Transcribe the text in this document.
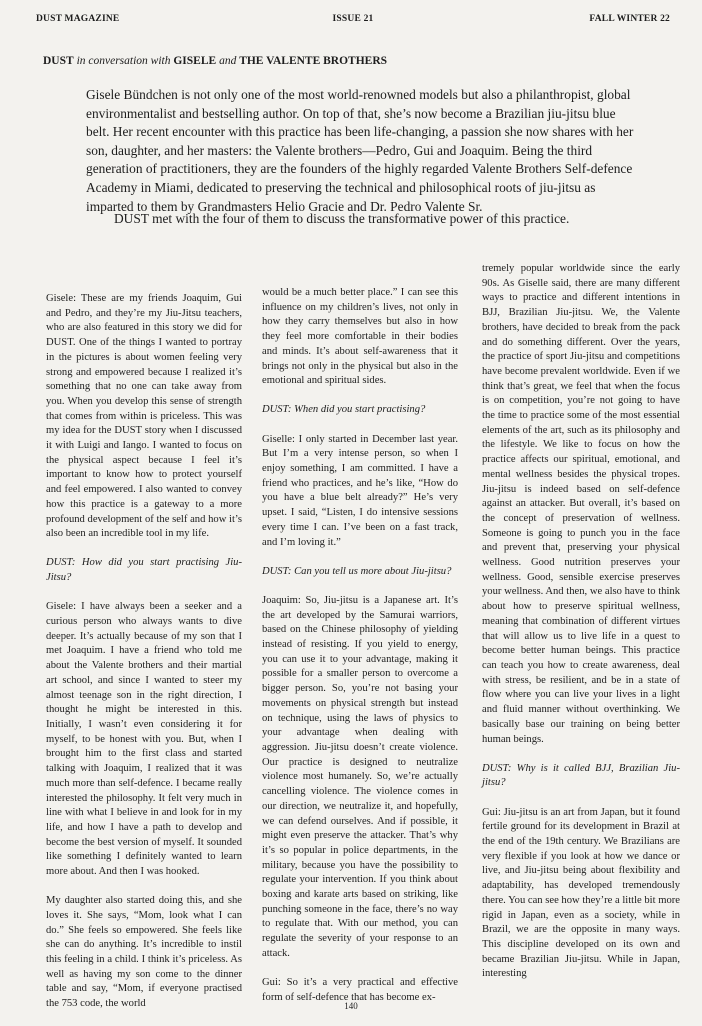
DUST MAGAZINE	ISSUE 21	FALL WINTER 22
DUST in conversation with GISELE and THE VALENTE BROTHERS

Gisele Bündchen is not only one of the most world-renowned models but also a philanthropist, global environmentalist and bestselling author. On top of that, she’s now become a Brazilian jiu-jitsu blue belt. Her recent encounter with this practice has been life-changing, a passion she now shares with her son, daughter, and her masters: the Valente brothers—Pedro, Gui and Joaquim. Being the third generation of practitioners, they are the founders of the highly regarded Valente Brothers Self-defence Academy in Miami, dedicated to preserving the technical and philosophical roots of jiu-jitsu as imparted to them by Grandmasters Helio Gracie and Dr. Pedro Valente Sr.

DUST met with the four of them to discuss the transformative power of this practice.

Gisele: These are my friends Joaquim, Gui and Pedro, and they’re my Jiu-Jitsu teachers, who are also featured in this story we did for DUST. One of the things I wanted to portray in the pictures is about women feeling very strong and empowered because I realized it’s something that no one can take away from you. When you develop this sense of strength that comes from within is priceless. This was my idea for the DUST story when I discussed it with Luigi and Iango. I wanted to focus on the physical aspect because I feel it’s important to know how to protect yourself and feel empowered. I also wanted to convey how this practice is a gateway to a more profound development of the self and how it’s also been an incredible tool in my life.

DUST: How did you start practising Jiu-Jitsu?

Gisele: I have always been a seeker and a curious person who always wants to dive deeper. It’s actually because of my son that I met Joaquim. I have a friend who told me about the Valente brothers and their martial art school, and since I wanted to steer my almost teenage son in the right direction, I thought he might be interested in this. Initially, I wasn’t even considering it for myself, to be honest with you. But, when I brought him to the first class and started talking with Joaquim, I realized that it was much more than self-defence. I became really interested the philosophy. It felt very much in line with what I believe in and look for in my life, and how I have a path to develop and become the best version of myself. It sounded like something I definitely wanted to learn more about. And then I was hooked.

My daughter also started doing this, and she loves it. She says, “Mom, look what I can do.” She feels so empowered. She feels like she can do anything. It’s incredible to instil this feeling in a child. I think it’s priceless. As well as having my son come to the dinner table and say, “Mom, if everyone practised the 753 code, the world

would be a much better place.” I can see this influence on my children’s lives, not only in how they carry themselves but also in how they feel more comfortable in their bodies and minds. It’s about self-awareness that it brings not only in the physical but also in the emotional and spiritual sides.

DUST: When did you start practising?

Giselle: I only started in December last year. But I’m a very intense person, so when I enjoy something, I am committed. I have a friend who practices, and he’s like, “How do you have a blue belt already?” He’s very upset. I said, “Listen, I do intensive sessions every time I can. I’ve been on a fast track, and I’m loving it.”

DUST: Can you tell us more about Jiu-jitsu?

Joaquim: So, Jiu-jitsu is a Japanese art. It’s the art developed by the Samurai warriors, based on the Chinese philosophy of yielding instead of resisting. If you yield to energy, you can use it to your advantage, making it possible for a smaller person to overcome a bigger person. So, you’re not basing your movements on physical strength but instead on technique, using the laws of physics to your advantage when dealing with aggression. Jiu-jitsu doesn’t create violence. Our practice is designed to neutralize violence most humanely. So, we’re actually cancelling violence. The violence comes in our direction, we neutralize it, and hopefully, we can defend ourselves. And if possible, it might even preserve the attacker. That’s why it’s so popular in police departments, in the military, because you have the possibility to regulate your intervention. If you think about boxing and karate arts based on striking, like punching someone in the face, there’s no way to regulate that. With our method, you can regulate the severity of your response to an attack.

Gui: So it’s a very practical and effective form of self-defence that has become ex-

tremely popular worldwide since the early 90s. As Giselle said, there are many different ways to practice and different intentions in BJJ, Brazilian Jiu-jitsu. We, the Valente brothers, have decided to break from the pack and do something different. Over the years, the practice of sport Jiu-jitsu and competitions have become prevalent worldwide. Even if we think that’s great, we feel that when the focus is on competition, you’re not going to have the time to practice some of the most essential elements of the art, such as its philosophy and the lifestyle. We like to focus on how the practice affects our spiritual, emotional, and mental wellness besides the physical tropes. Jiu-jitsu is indeed based on self-defence against an attacker. But overall, it’s based on the concept of preservation of wellness. Someone is going to punch you in the face and prevent that, preserving your physical wellness. Good nutrition preserves your wellness. Good, sensible exercise preserves your wellness. And then, we also have to think about how to preserve spiritual wellness, meaning that combination of different virtues that will allow us to live life in a quest to become better human beings. This practice can teach you how to create awareness, deal with stress, be resilient, and be in a state of flow where you can live your lives in a light and fluid manner without overthinking. We basically base our training on being better human beings.

DUST: Why is it called BJJ, Brazilian Jiu-jitsu?

Gui: Jiu-jitsu is an art from Japan, but it found fertile ground for its development in Brazil at the end of the 19th century. We Brazilians are very flexible if you look at how we dance or live, and Jiu-jitsu being about flexibility and adaptability, has developed tremendously there. You can see how they’re a little bit more rigid in Japan, even as a society, while in Brazil, we are the opposite in many ways. This discipline developed on its own and became Brazilian Jiu-jitsu. While in Japan, interesting

140
